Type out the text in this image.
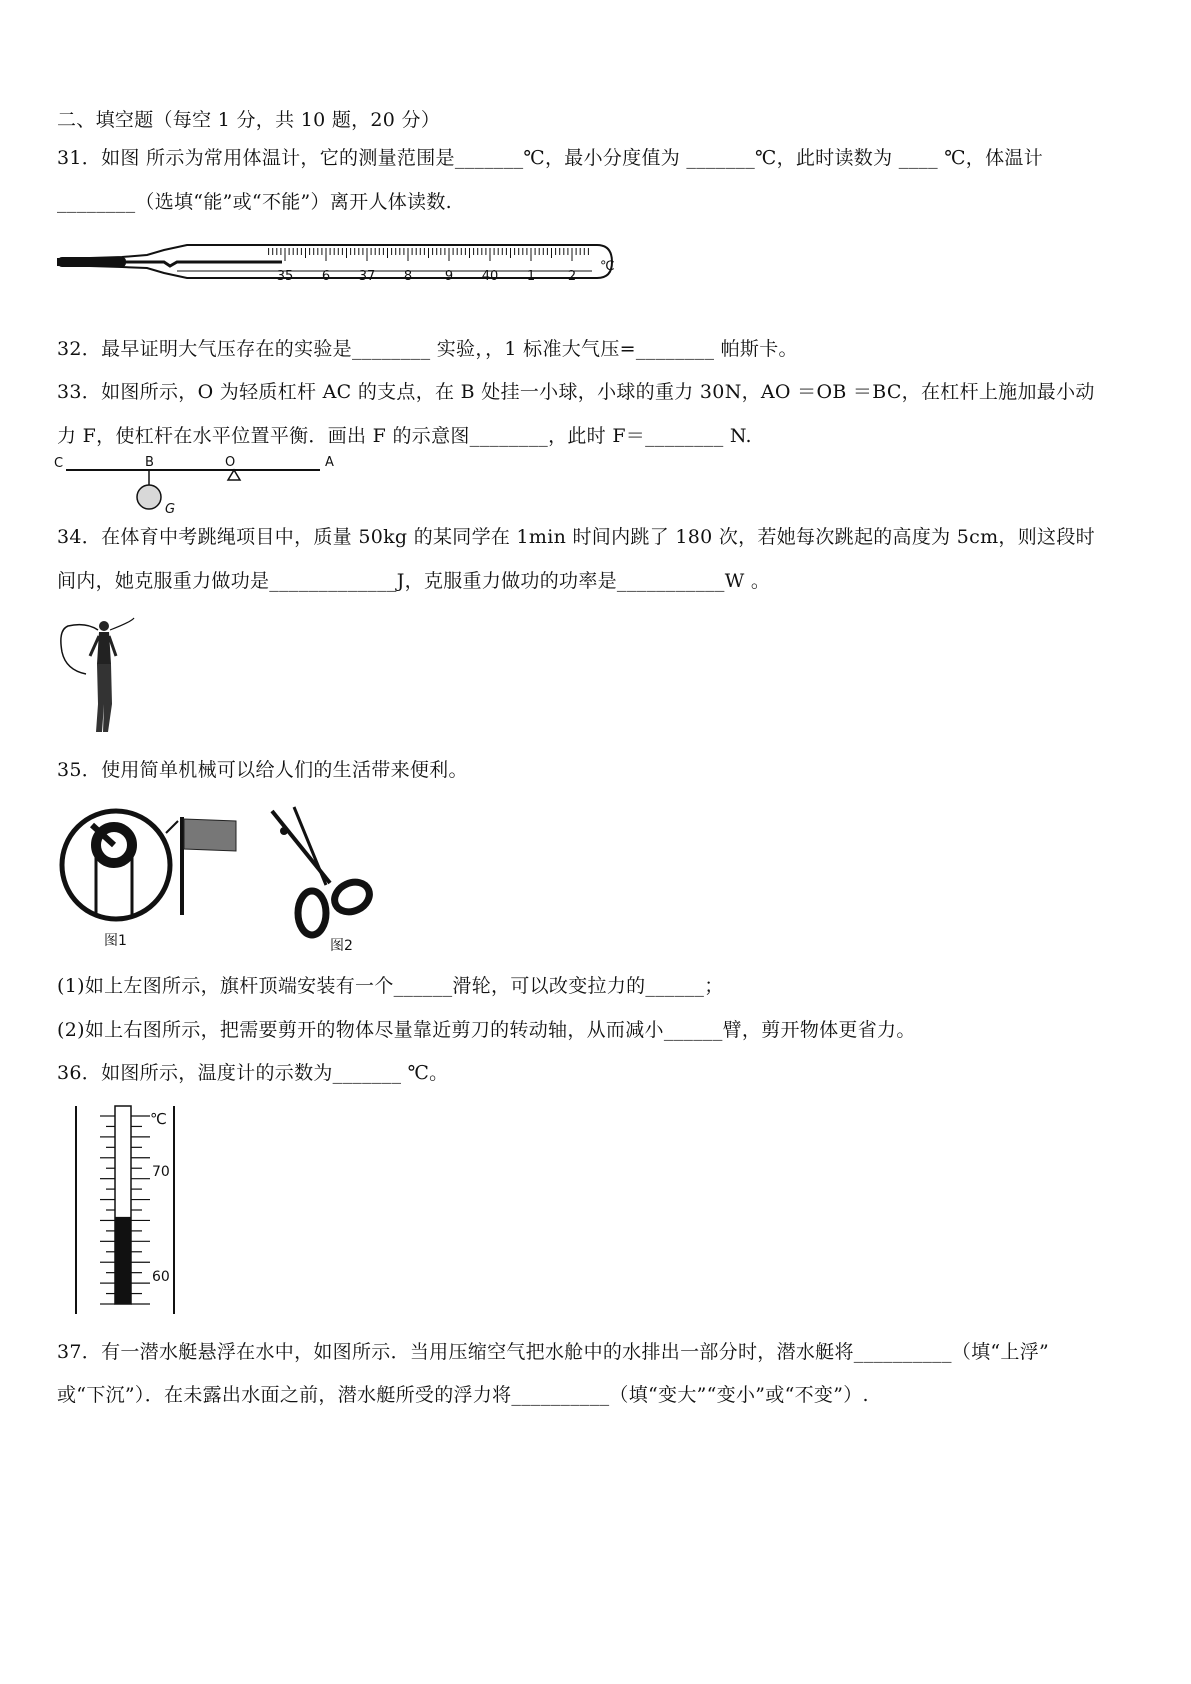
二、填空题（每空 1 分，共 10 题，20 分）
31．如图 所示为常用体温计，它的测量范围是_______℃，最小分度值为 _______℃，此时读数为 ____ ℃，体温计
________（选填“能”或“不能”）离开人体读数.
35 6 37 8	9 40 1	2
℃
32．最早证明大气压存在的实验是________ 实验，，1 标准大气压=________ 帕斯卡。
33．如图所示，O 为轻质杠杆 AC 的支点，在 B 处挂一小球，小球的重力 30N，AO ＝OB ＝BC，在杠杆上施加最小动
力 F，使杠杆在水平位置平衡．画出 F 的示意图________，此时 F＝________ N.
C	B	O	A
G
34．在体育中考跳绳项目中，质量 50kg 的某同学在 1min 时间内跳了 180 次，若她每次跳起的高度为 5cm，则这段时
间内，她克服重力做功是_____________J，克服重力做功的功率是___________W 。
35．使用简单机械可以给人们的生活带来便利。
图1	图2
(1)如上左图所示，旗杆顶端安装有一个______滑轮，可以改变拉力的______；
(2)如上右图所示，把需要剪开的物体尽量靠近剪刀的转动轴，从而减小______臂，剪开物体更省力。
36．如图所示，温度计的示数为_______ ℃。
℃
70
60
37．有一潜水艇悬浮在水中，如图所示．当用压缩空气把水舱中的水排出一部分时，潜水艇将__________（填“上浮”
或“下沉”）．在未露出水面之前，潜水艇所受的浮力将__________（填“变大”“变小”或“不变”）.
